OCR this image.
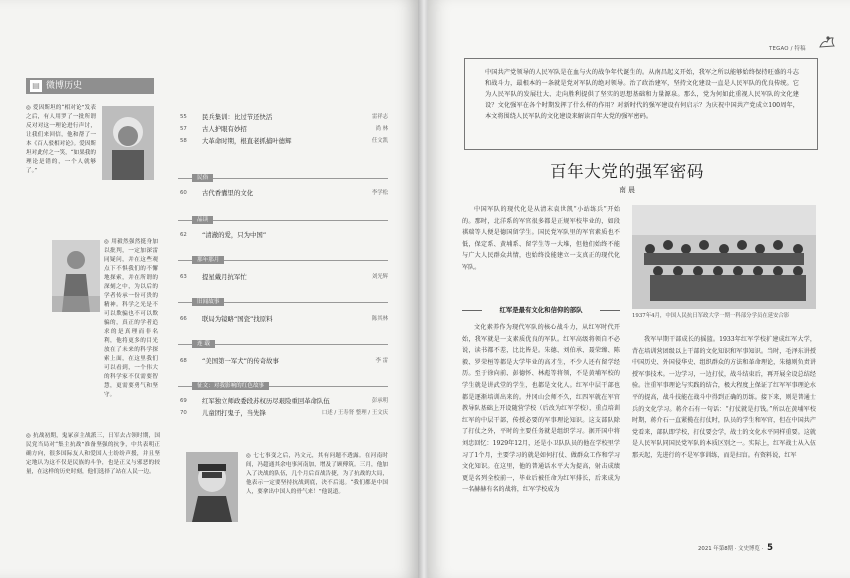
▤ 微博历史
◎ 爱因斯坦的“相对论”发表之后，有人用罗了一批所谓反对对这一理论进行声讨，让我们来回信，他和帮了一本《百人驳相对论》。爱因斯坦对此付之一笑，“如果我的理论是错的，一个人就够了。”
◎ 用毅然强然挺身加以批判，一定加深雷同疑问，并在这些观点下不惧我们的不懈地探索，并在所谓的深刻之中，为以后的学者传承一份可贵的精神。科学之光是不可以欺骗也不可以欺骗的，真正的学者追求的是真理而非名利，他将更多的目光放在了未来的科学探索上面，在这里我们可以看到，一个伟大的科学家不仅需要智慧，更需要勇气和坚守。
◎ 抗战初期，鬼冢彦主战派三，日军去占领时期，国民党当局对“集主抗战”准备坚强的抗争，中共表明正确方向，很多国际友人和爱国人士纷纷声援，并且坚定地认为这不仅是民族的斗争，也是正义与邪恶的较量，在这样的历史时刻，他们选择了站在人民一边。
◎ 七七事变之后，冯文元，其有问题不透露。在河南时间，冯超通其余电事河南加，增及了顾傅筑。三月，他加入了决战的队伍，几个月后首战告捷，为了抗战的大局，他表示一定要坚持抗战到底，决不后退。“我们都是中国人，要拿出中国人的骨气来！”他说道。
55 民兵集训：比过节还快活	雷祥志
57 古人护眼有妙招	尚 林
58 大革命时期，根直老抓捕叶德辉	任文凯
民俗
60 古代香囊里的文化	李学松
品读
62 “清澈的爱，只为中国”
那年那月
63 提星戴月抗军忙	刘光辉
旧闻故事
66 联局为镜略“国瓷”找原料	陈其林
连 载
68 “美国第一军犬”的传奇故事	李 雷
征文：对我影响的红色故事
69 红军独立师政委段苏权历尽艰险重回革命队伍	彭承明
70 儿童团打鬼子，当先锋	口述 / 王寿肾 整理 / 王文庆
TEGAO / 特稿
中国共产党领导的人民军队是在血与火的战争年代诞生的。从南昌起义开始，我军之所以能够始终保持旺盛的斗志和战斗力，最根本的一条就是党对军队的绝对领导。治了政治建军，坚持文化建设一直是人民军队的优良传统。它为人民军队的发展壮大、走向胜利提供了坚实的思想基础和力量源泉。那么，党为何如此重视人民军队的文化建设？文化强军在各个时期发挥了什么样的作用？对新时代的强军建设有何启示？为庆祝中国共产党成立100周年，本文将围绕人民军队的文化建设来解读百年大党的强军密码。
百年大党的强军密码
南 晨
中国军队的现代化是从清末袁世凯“小站练兵”开始的。那时，北洋系的军官很多都是正规军校毕业的，如段祺瑞等人便是德国留学生。国民党军队里的军官素质也不低，保定系、黄埔系、留学生等一大堆，但他们始终不能与广大人民群众共情，也始终没能建立一支真正的现代化军队。
红军是最有文化和信仰的部队
文化素养作为现代军队的核心战斗力，从红军时代开始，我军就是一支素质优良的军队。红军高级将领自不必说，读书都不差，比比皆是。朱德、刘伯承、聂荣臻、陈毅、罗荣桓等都是大学毕业的高才生，不少人还有留学经历。至于徐向前、彭德怀、林彪等将领，不是黄埔军校的学生就是讲武堂的学生，也都是文化人。红军中层干部也都是逐渐培训出来的。井冈山会师不久，红四军就在军官教导队基础上开设随营学校（后改为红军学校），重点培训红军的中层干部，传授必要的军事理论知识。这支部队除了打仗之外，平时的主要任务就是组织学习。据开国中将刘忠回忆：1929年12月，还是小卫队队员的他在学校里学习了1个月，主要学习的就是如何打仗、做群众工作和学习文化知识。在这里，他的普通话水平大为提高，射击成绩更是名列全校前一，毕业后被任命为红军排长，后来成为一名赫赫有名的战将，红军学校成为
1937年4月，中国人民抗日军政大学一期一科部分学员在延安合影
我军早期干部成长的摇篮。1933年红军学校扩建成红军大学，背在培训营团级以上干部的文化知识和军事知识。当时，毛泽东讲授中国历史、外国侵华史、组织群众的方法和革命理论，朱德则负责讲授军事技术。一边学习，一边打仗，战斗结束后，再开展全设总结经验。注重军事理论与实践的结合，极大程度上保证了红军军事理论水平的提高，战斗技能在战斗中得到正确的历练。接下来，则是普通士兵的文化学习。蒋介石有一句话：“打仗就是打钱。”所以在黄埔军校时期，蒋介石一直紧揽在打仗时，队员的学生和军官，但在中国共产党看来，部队即学校，打仗要会学，战士的文化水平同样重要。这就是人民军队同国民党军队的本质区别之一。实际上，红军战士从入伍那天起，先进行的不是军事训练，而是扫盲。有资料说，红军
2021 年第8期 · 文史博览 · 5
